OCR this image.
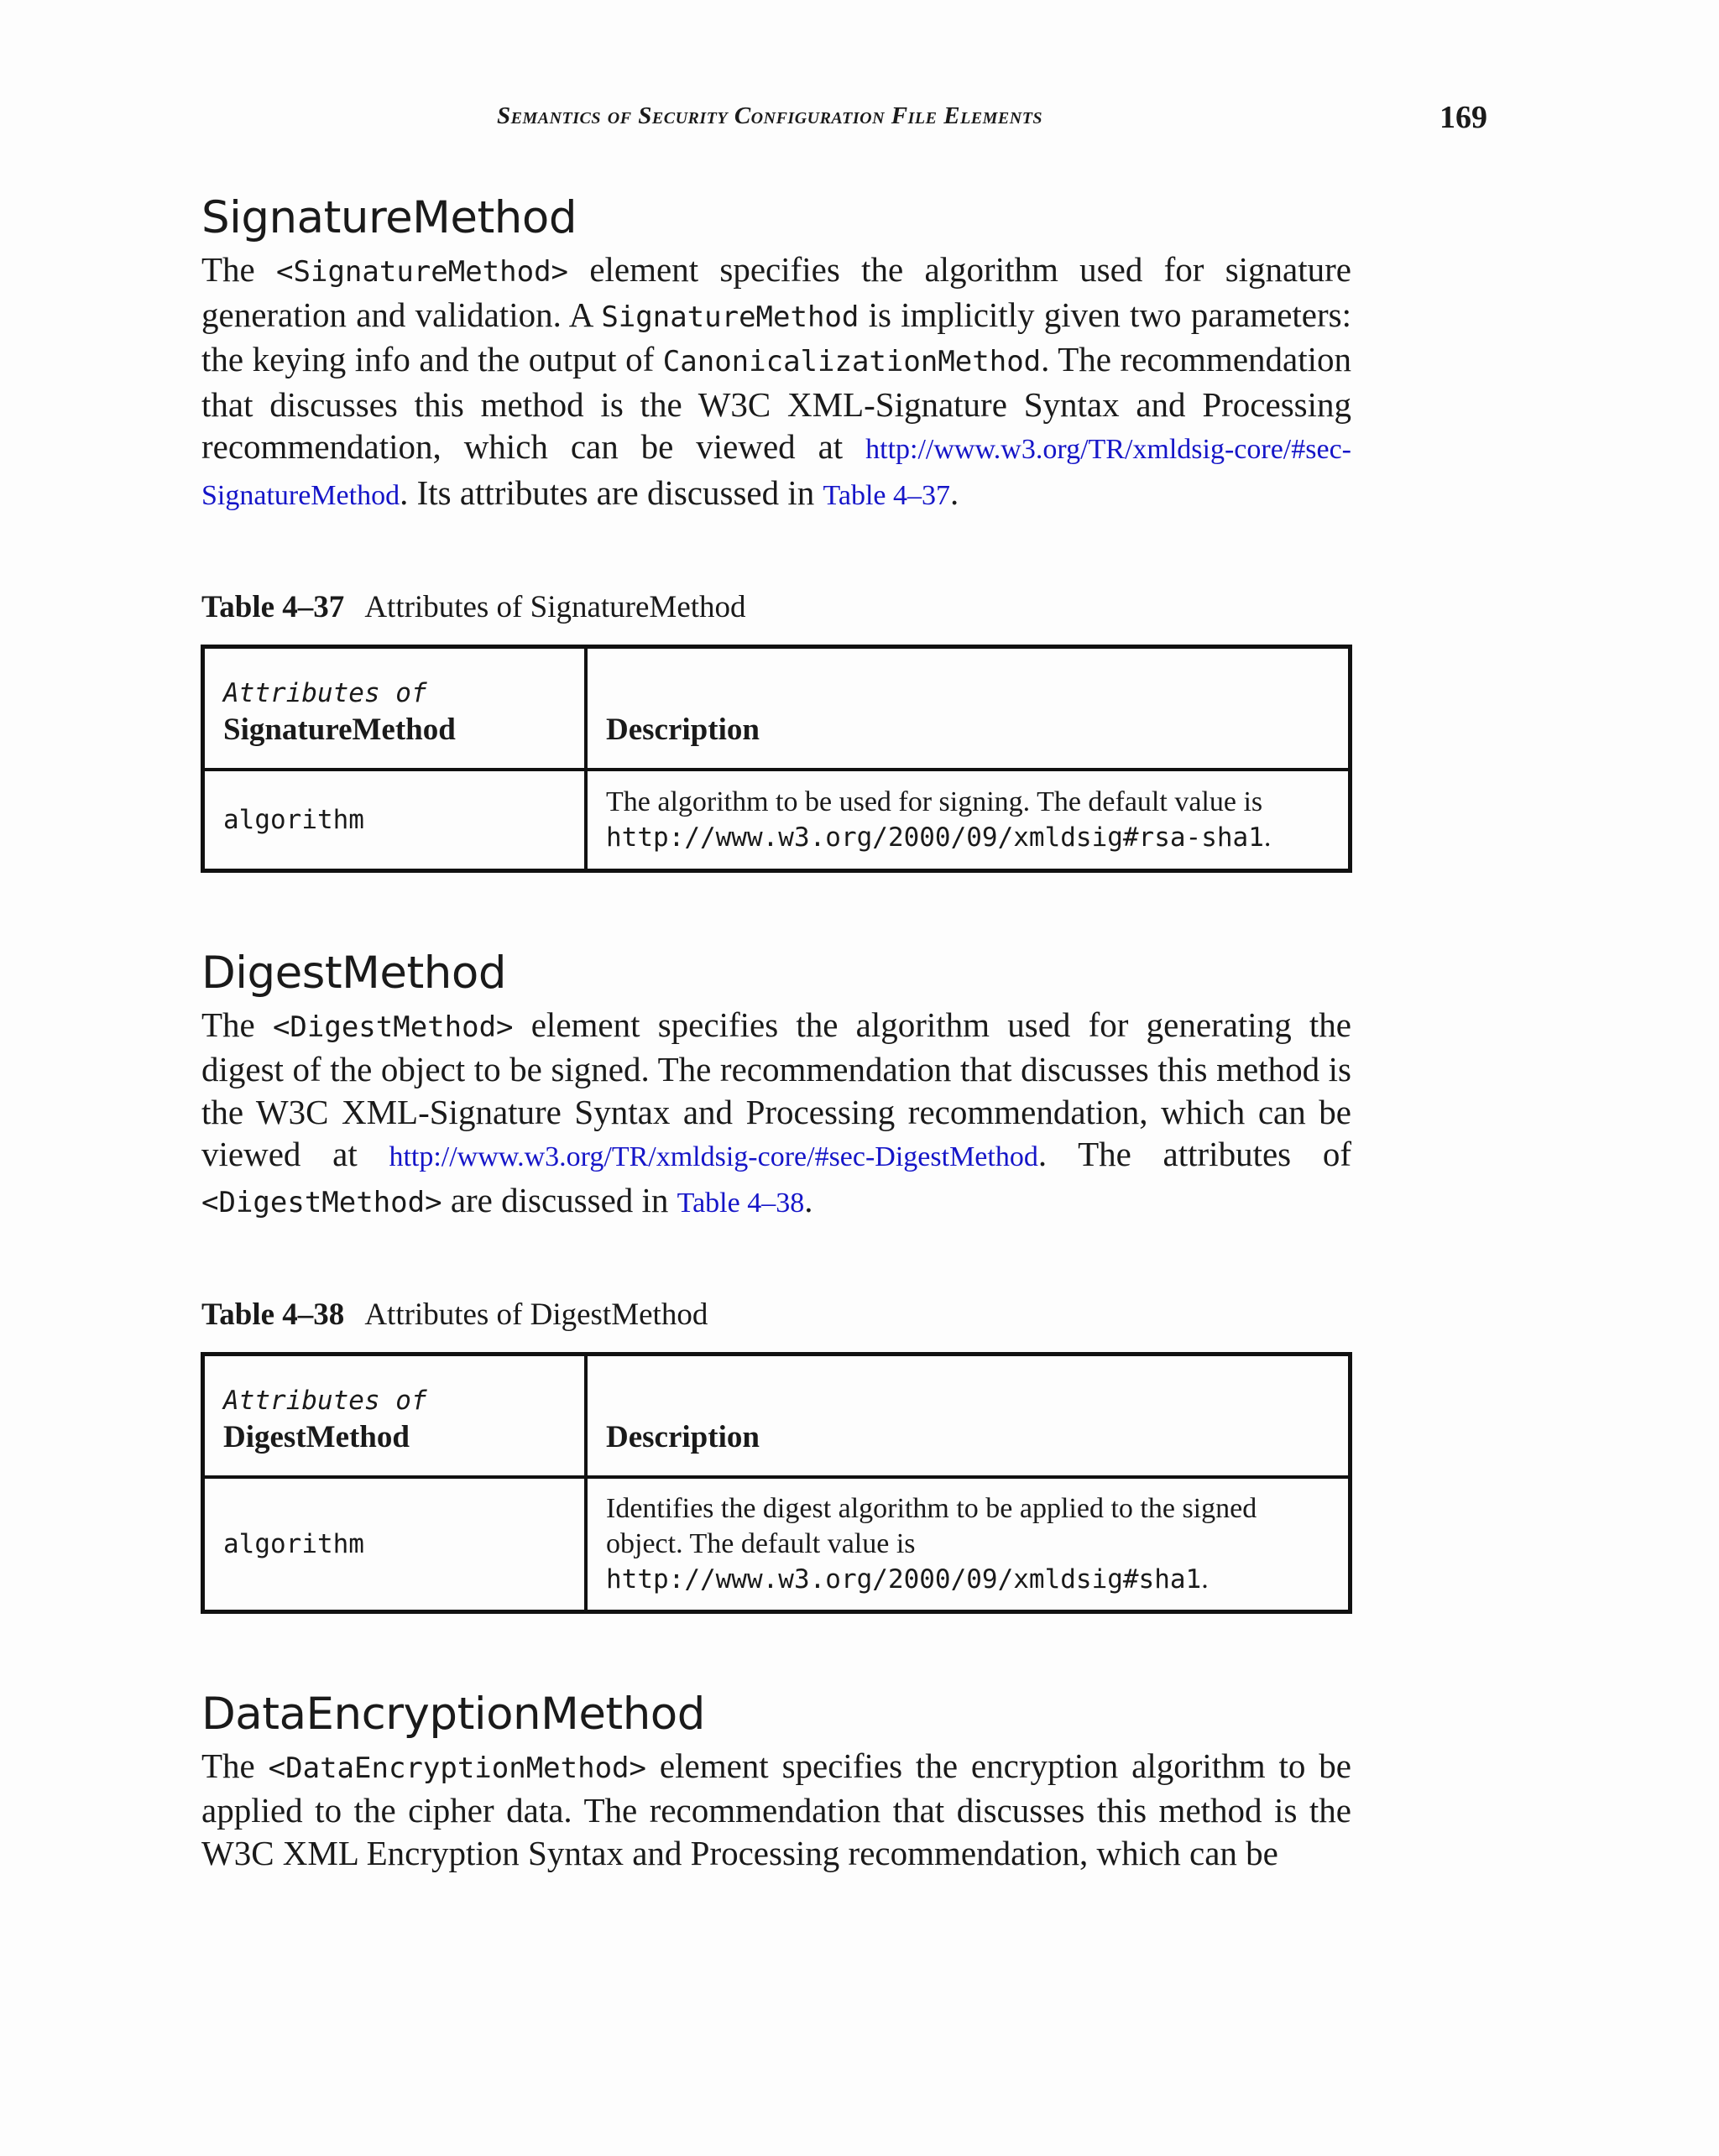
Semantics of Security Configuration File Elements	169
SignatureMethod

The <SignatureMethod> element specifies the algorithm used for signature generation and validation. A SignatureMethod is implicitly given two parameters: the keying info and the output of CanonicalizationMethod. The recommendation that discusses this method is the W3C XML-Signature Syntax and Processing recommendation, which can be viewed at http://www.w3.org/TR/xmldsig-core/#sec-SignatureMethod. Its attributes are discussed in Table 4–37.

Table 4–37 Attributes of SignatureMethod

Attributes of
SignatureMethod	Description

algorithm	The algorithm to be used for signing. The default value is http://www.w3.org/2000/09/xmldsig#rsa-sha1.
DigestMethod

The <DigestMethod> element specifies the algorithm used for generating the digest of the object to be signed. The recommendation that discusses this method is the W3C XML-Signature Syntax and Processing recommendation, which can be viewed at http://www.w3.org/TR/xmldsig-core/#sec-DigestMethod. The attributes of <DigestMethod> are discussed in Table 4–38.

Table 4–38 Attributes of DigestMethod

Attributes of
DigestMethod	Description

algorithm	Identifies the digest algorithm to be applied to the signed object. The default value is http://www.w3.org/2000/09/xmldsig#sha1.
DataEncryptionMethod

The <DataEncryptionMethod> element specifies the encryption algorithm to be applied to the cipher data. The recommendation that discusses this method is the W3C XML Encryption Syntax and Processing recommendation, which can be
